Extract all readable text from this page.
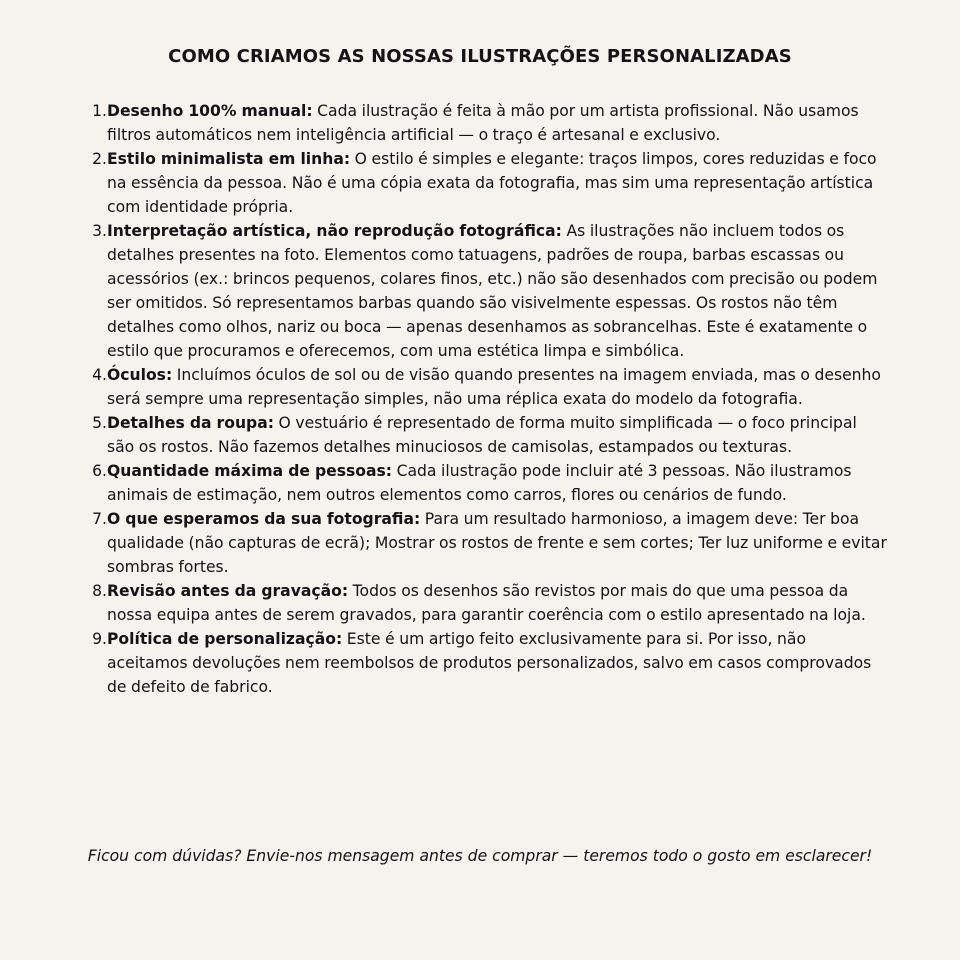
COMO CRIAMOS AS NOSSAS ILUSTRAÇÕES PERSONALIZADAS
1. Desenho 100% manual: Cada ilustração é feita à mão por um artista profissional. Não usamos filtros automáticos nem inteligência artificial — o traço é artesanal e exclusivo.
2. Estilo minimalista em linha: O estilo é simples e elegante: traços limpos, cores reduzidas e foco na essência da pessoa. Não é uma cópia exata da fotografia, mas sim uma representação artística com identidade própria.
3. Interpretação artística, não reprodução fotográfica: As ilustrações não incluem todos os detalhes presentes na foto. Elementos como tatuagens, padrões de roupa, barbas escassas ou acessórios (ex.: brincos pequenos, colares finos, etc.) não são desenhados com precisão ou podem ser omitidos. Só representamos barbas quando são visivelmente espessas. Os rostos não têm detalhes como olhos, nariz ou boca — apenas desenhamos as sobrancelhas. Este é exatamente o estilo que procuramos e oferecemos, com uma estética limpa e simbólica.
4. Óculos: Incluímos óculos de sol ou de visão quando presentes na imagem enviada, mas o desenho será sempre uma representação simples, não uma réplica exata do modelo da fotografia.
5. Detalhes da roupa: O vestuário é representado de forma muito simplificada — o foco principal são os rostos. Não fazemos detalhes minuciosos de camisolas, estampados ou texturas.
6. Quantidade máxima de pessoas: Cada ilustração pode incluir até 3 pessoas. Não ilustramos animais de estimação, nem outros elementos como carros, flores ou cenários de fundo.
7. O que esperamos da sua fotografia: Para um resultado harmonioso, a imagem deve: Ter boa qualidade (não capturas de ecrã); Mostrar os rostos de frente e sem cortes; Ter luz uniforme e evitar sombras fortes.
8. Revisão antes da gravação: Todos os desenhos são revistos por mais do que uma pessoa da nossa equipa antes de serem gravados, para garantir coerência com o estilo apresentado na loja.
9. Política de personalização: Este é um artigo feito exclusivamente para si. Por isso, não aceitamos devoluções nem reembolsos de produtos personalizados, salvo em casos comprovados de defeito de fabrico.

Ficou com dúvidas? Envie-nos mensagem antes de comprar — teremos todo o gosto em esclarecer!
